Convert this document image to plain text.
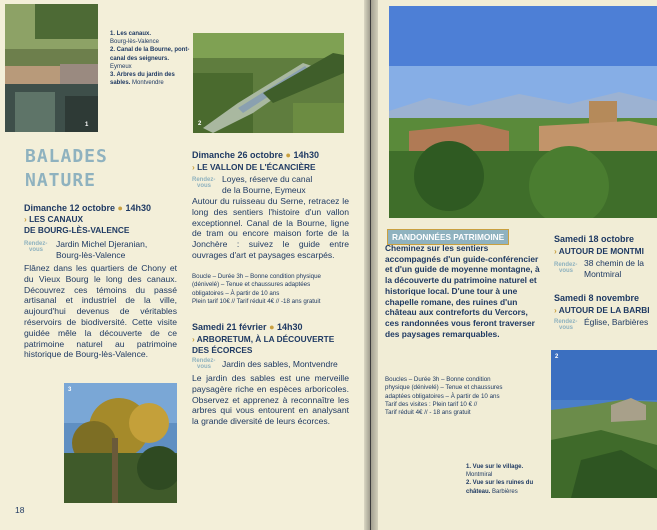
1
1. Les canaux.
Bourg-lès-Valence
2. Canal de la Bourne, pont-canal des seigneurs. Eymeux
3. Arbres du jardin des sables. Montvendre
2
BALADES
NATURE
Dimanche 12 octobre ● 14h30
› LES CANAUX
DE BOURG-LÈS-VALENCE
Rendez-
vous
Jardin Michel Djeranian,
Bourg-lès-Valence
Flânez dans les quartiers de Chony et du Vieux Bourg le long des canaux. Découvrez ces témoins du passé artisanal et industriel de la ville, aujourd'hui devenus de véritables réservoirs de biodiversité. Cette visite guidée mêle la découverte de ce patrimoine naturel au patrimoine historique de Bourg-lès-Valence.
3
18
Dimanche 26 octobre ● 14h30
› LE VALLON DE L'ÉCANCIÈRE
Rendez-
vous
Loyes, réserve du canal
de la Bourne, Eymeux
Autour du ruisseau du Serne, retracez le long des sentiers l'histoire d'un vallon exceptionnel. Canal de la Bourne, ligne de tram ou encore maison forte de la Jonchère : suivez le guide entre ouvrages d'art et paysages escarpés.
Boucle – Durée 3h – Bonne condition physique
(dénivelé) – Tenue et chaussures adaptées
obligatoires – À partir de 10 ans
Plein tarif 10€ // Tarif réduit 4€ // -18 ans gratuit
Samedi 21 février ● 14h30
› ARBORETUM, À LA DÉCOUVERTE
DES ÉCORCES
Rendez-
vous	Jardin des sables, Montvendre
Le jardin des sables est une merveille paysagère riche en espèces arboricoles. Observez et apprenez à reconnaître les arbres qui vous entourent en analysant la grande diversité de leurs écorces.
RANDONNÉES PATRIMOINE
Cheminez sur les sentiers accompagnés d'un guide-conférencier et d'un guide de moyenne montagne, à la découverte du patrimoine naturel et historique local. D'une tour à une chapelle romane, des ruines d'un château aux contreforts du Vercors, ces randonnées vous feront traverser des paysages remarquables.
Boucles – Durée 3h – Bonne condition
physique (dénivelé) – Tenue et chaussures
adaptées obligatoires – À partir de 10 ans
Tarif des visites : Plein tarif 10 € //
Tarif réduit 4€ // - 18 ans gratuit
Samedi 18 octobre
› AUTOUR DE MONTMI
Rendez-
vous
38 chemin de la
Montmiral
Samedi 8 novembre
› AUTOUR DE LA BARBI
Rendez-
vous
Église, Barbières
2
1. Vue sur le village.
Montmiral
2. Vue sur les ruines du château. Barbières
